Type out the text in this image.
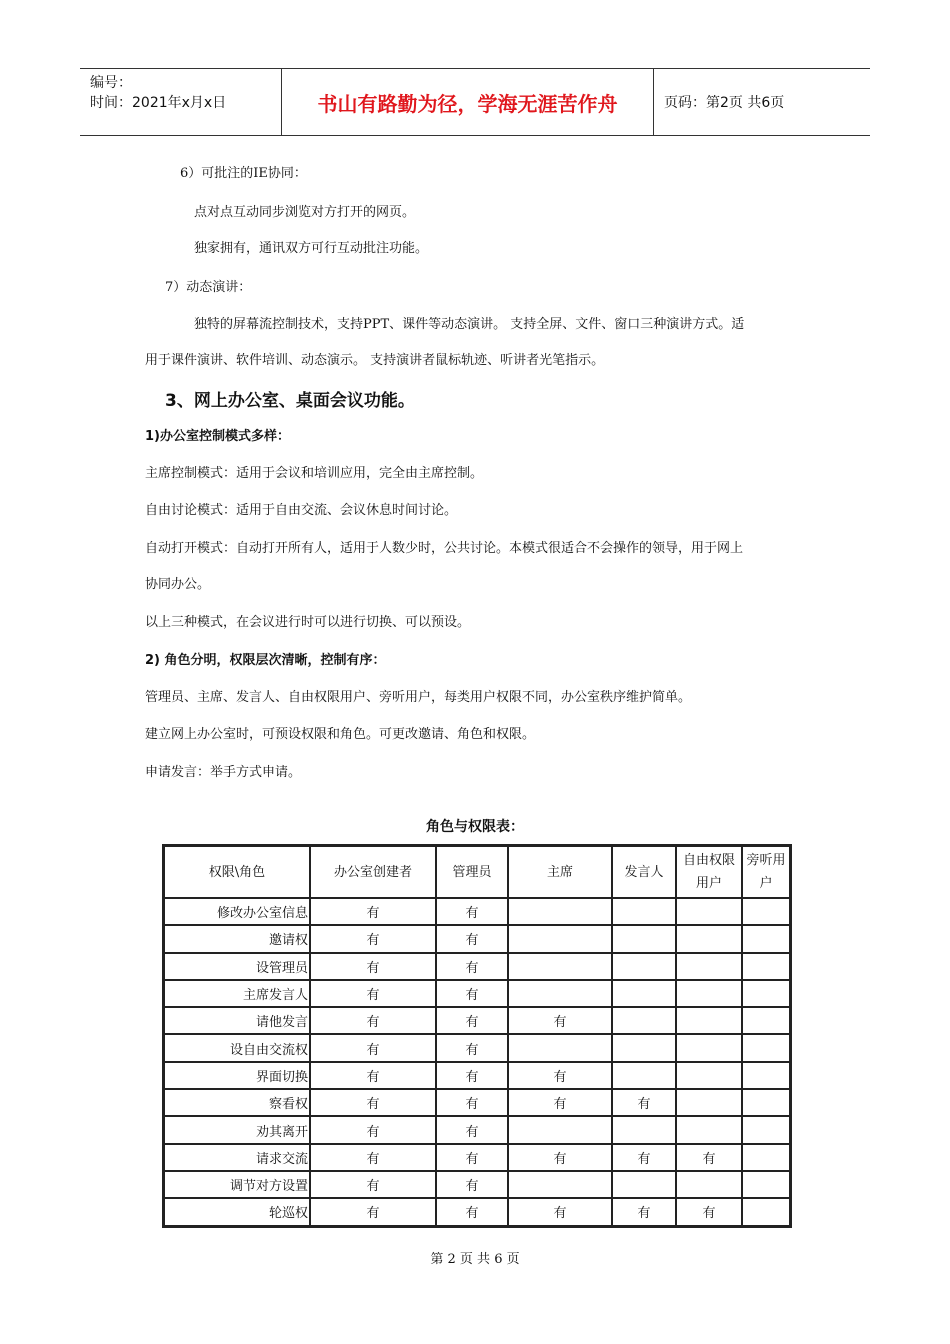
编号：
时间：2021年x月x日	书山有路勤为径，学海无涯苦作舟	页码：第2页 共6页
6）可批注的IE协同：
点对点互动同步浏览对方打开的网页。
独家拥有，通讯双方可行互动批注功能。
7）动态演讲：
独特的屏幕流控制技术，支持PPT、课件等动态演讲。 支持全屏、文件、窗口三种演讲方式。适
用于课件演讲、软件培训、动态演示。 支持演讲者鼠标轨迹、听讲者光笔指示。
3、网上办公室、桌面会议功能。
1)办公室控制模式多样：
主席控制模式：适用于会议和培训应用，完全由主席控制。
自由讨论模式：适用于自由交流、会议休息时间讨论。
自动打开模式：自动打开所有人，适用于人数少时，公共讨论。本模式很适合不会操作的领导，用于网上
协同办公。
以上三种模式，在会议进行时可以进行切换、可以预设。
2) 角色分明，权限层次清晰，控制有序：
管理员、主席、发言人、自由权限用户、旁听用户，每类用户权限不同，办公室秩序维护简单。
建立网上办公室时，可预设权限和角色。可更改邀请、角色和权限。
申请发言：举手方式申请。
角色与权限表：
权限\角色	办公室创建者	管理员	主席	发言人	自由权限用户	旁听用户
修改办公室信息	有	有				
邀请权	有	有				
设管理员	有	有				
主席发言人	有	有				
请他发言	有	有	有			
设自由交流权	有	有				
界面切换	有	有	有			
察看权	有	有	有	有		
劝其离开	有	有				
请求交流	有	有	有	有	有	
调节对方设置	有	有				
轮巡权	有	有	有	有	有	
第 2 页 共 6 页
